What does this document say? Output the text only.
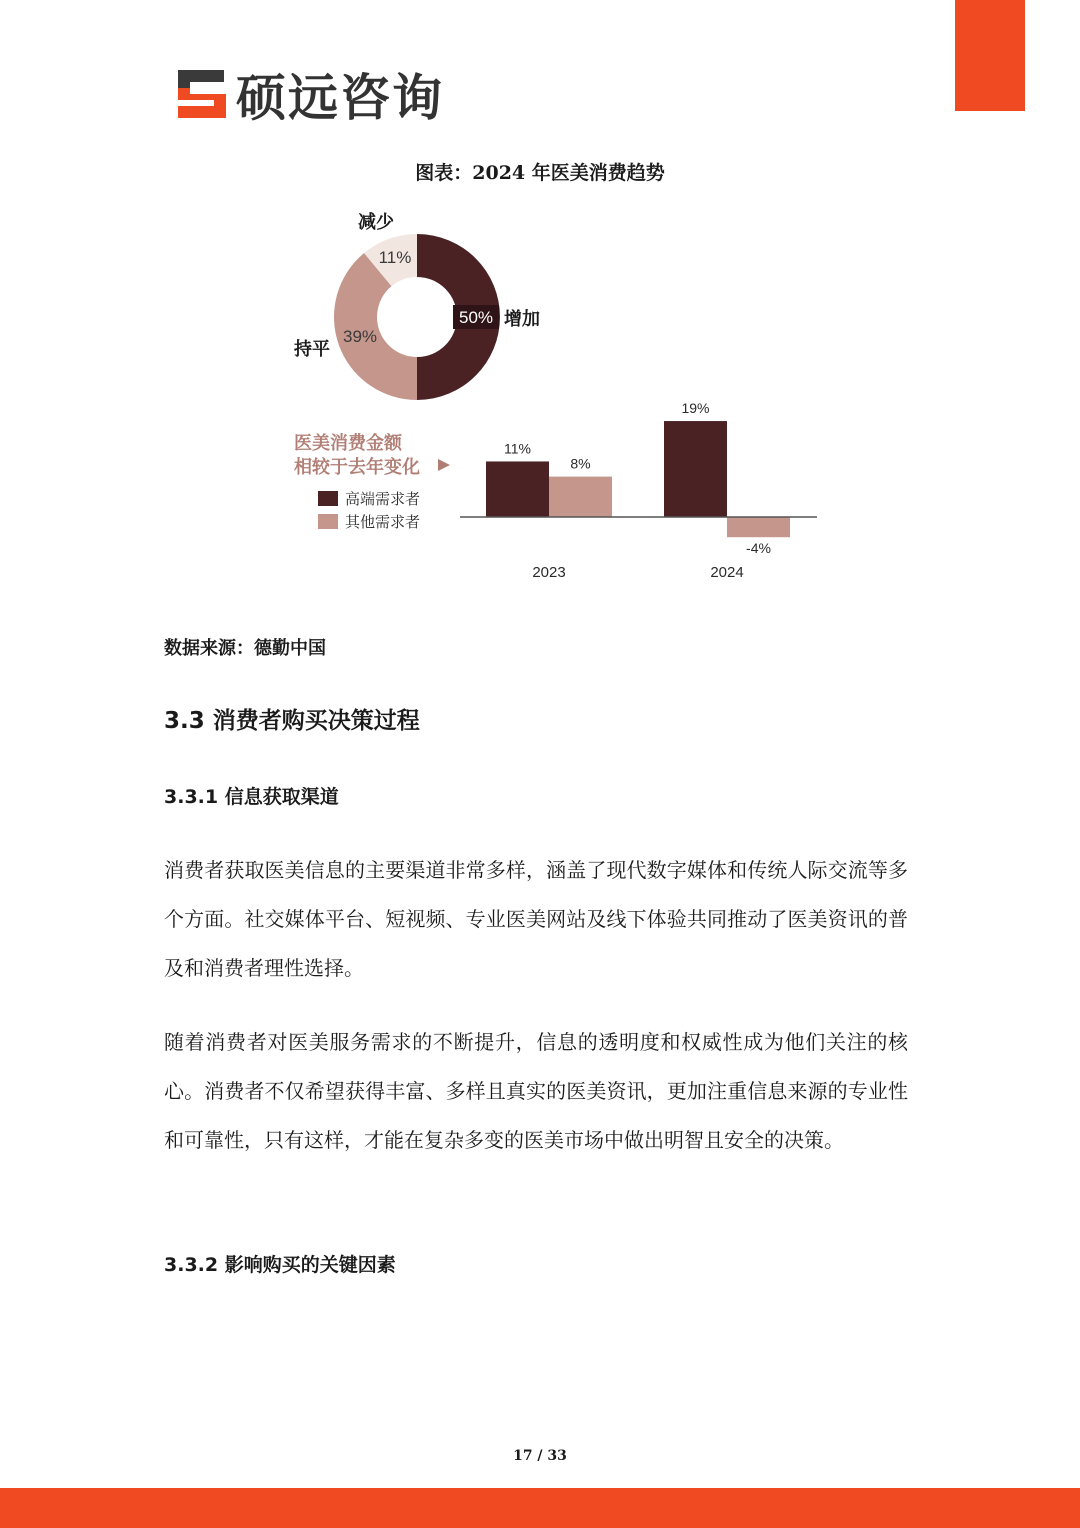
硕远咨询
图表：2024 年医美消费趋势
50% 增加
39%
持平
11%
减少
11%
19%
8%
-4%
2023	2024
医美消费金额
相较于去年变化
高端需求者
其他需求者
数据来源：德勤中国
3.3 消费者购买决策过程
3.3.1 信息获取渠道

消费者获取医美信息的主要渠道非常多样，涵盖了现代数字媒体和传统人际交流等多个方面。社交媒体平台、短视频、专业医美网站及线下体验共同推动了医美资讯的普及和消费者理性选择。

随着消费者对医美服务需求的不断提升，信息的透明度和权威性成为他们关注的核心。消费者不仅希望获得丰富、多样且真实的医美资讯，更加注重信息来源的专业性和可靠性，只有这样，才能在复杂多变的医美市场中做出明智且安全的决策。

3.3.2 影响购买的关键因素
17 / 33
